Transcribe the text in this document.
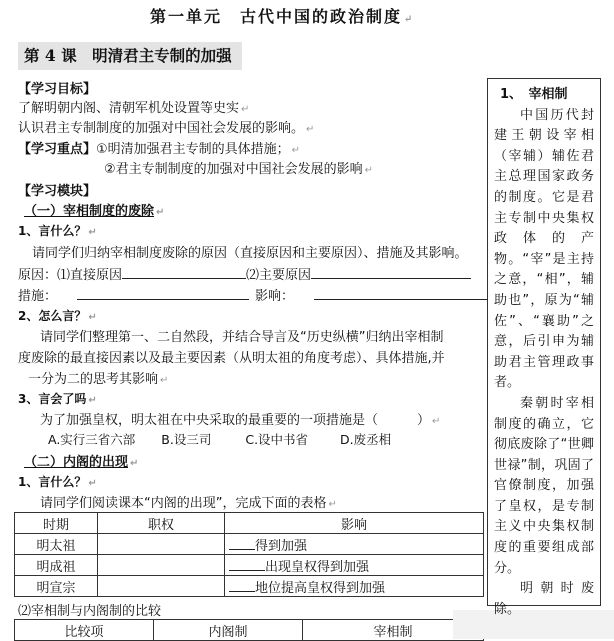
第一单元　古代中国的政治制度 ↵
第 4 课　明清君主专制的加强
【学习目标】
了解明朝内阁、清朝军机处设置等史实 ↵
认识君主专制制度的加强对中国社会发展的影响。 ↵
【学习重点】①明清加强君主专制的具体措施； ↵
②君主专制制度的加强对中国社会发展的影响 ↵
【学习模块】
（一）宰相制度的废除 ↵
1、言什么？ ↵
请同学们归纳宰相制度废除的原因（直接原因和主要原因）、措施及其影响。
原因：⑴直接原因	⑵主要原因
措施：	影响：
2、怎么言？ ↵
请同学们整理第一、二自然段，并结合导言及“历史纵横”归纳出宰相制
度废除的最直接因素以及最主要因素（从明太祖的角度考虑）、具体措施,并
一分为二的思考其影响 ↵
3、言会了吗 ↵
为了加强皇权，明太祖在中央采取的最重要的一项措施是（　　　） ↵
A.实行三省六部 B.设三司	C.设中书省	D.废丞相
（二）内阁的出现 ↵
1、言什么？ ↵
请同学们阅读课本“内阁的出现”，完成下面的表格 ↵
时期	职权	影响
明太祖		得到加强
明成祖		出现皇权得到加强
明宣宗		地位提高皇权得到加强
⑵宰相制与内阁制的比较
比较项	内阁制	宰相制
1、　宰相制
中国历代封建王朝设宰相（宰辅）辅佐君主总理国家政务的制度。它是君主专制中央集权政体的产物。“宰”是主持之意，“相”，辅助也”，原为“辅佐”、“襄助”之意，后引申为辅助君主管理政事者。
秦朝时宰相制度的确立，它彻底废除了“世卿世禄”制，巩固了官僚制度，加强了皇权，是专制主义中央集权制度的重要组成部分。
明朝时废除。
